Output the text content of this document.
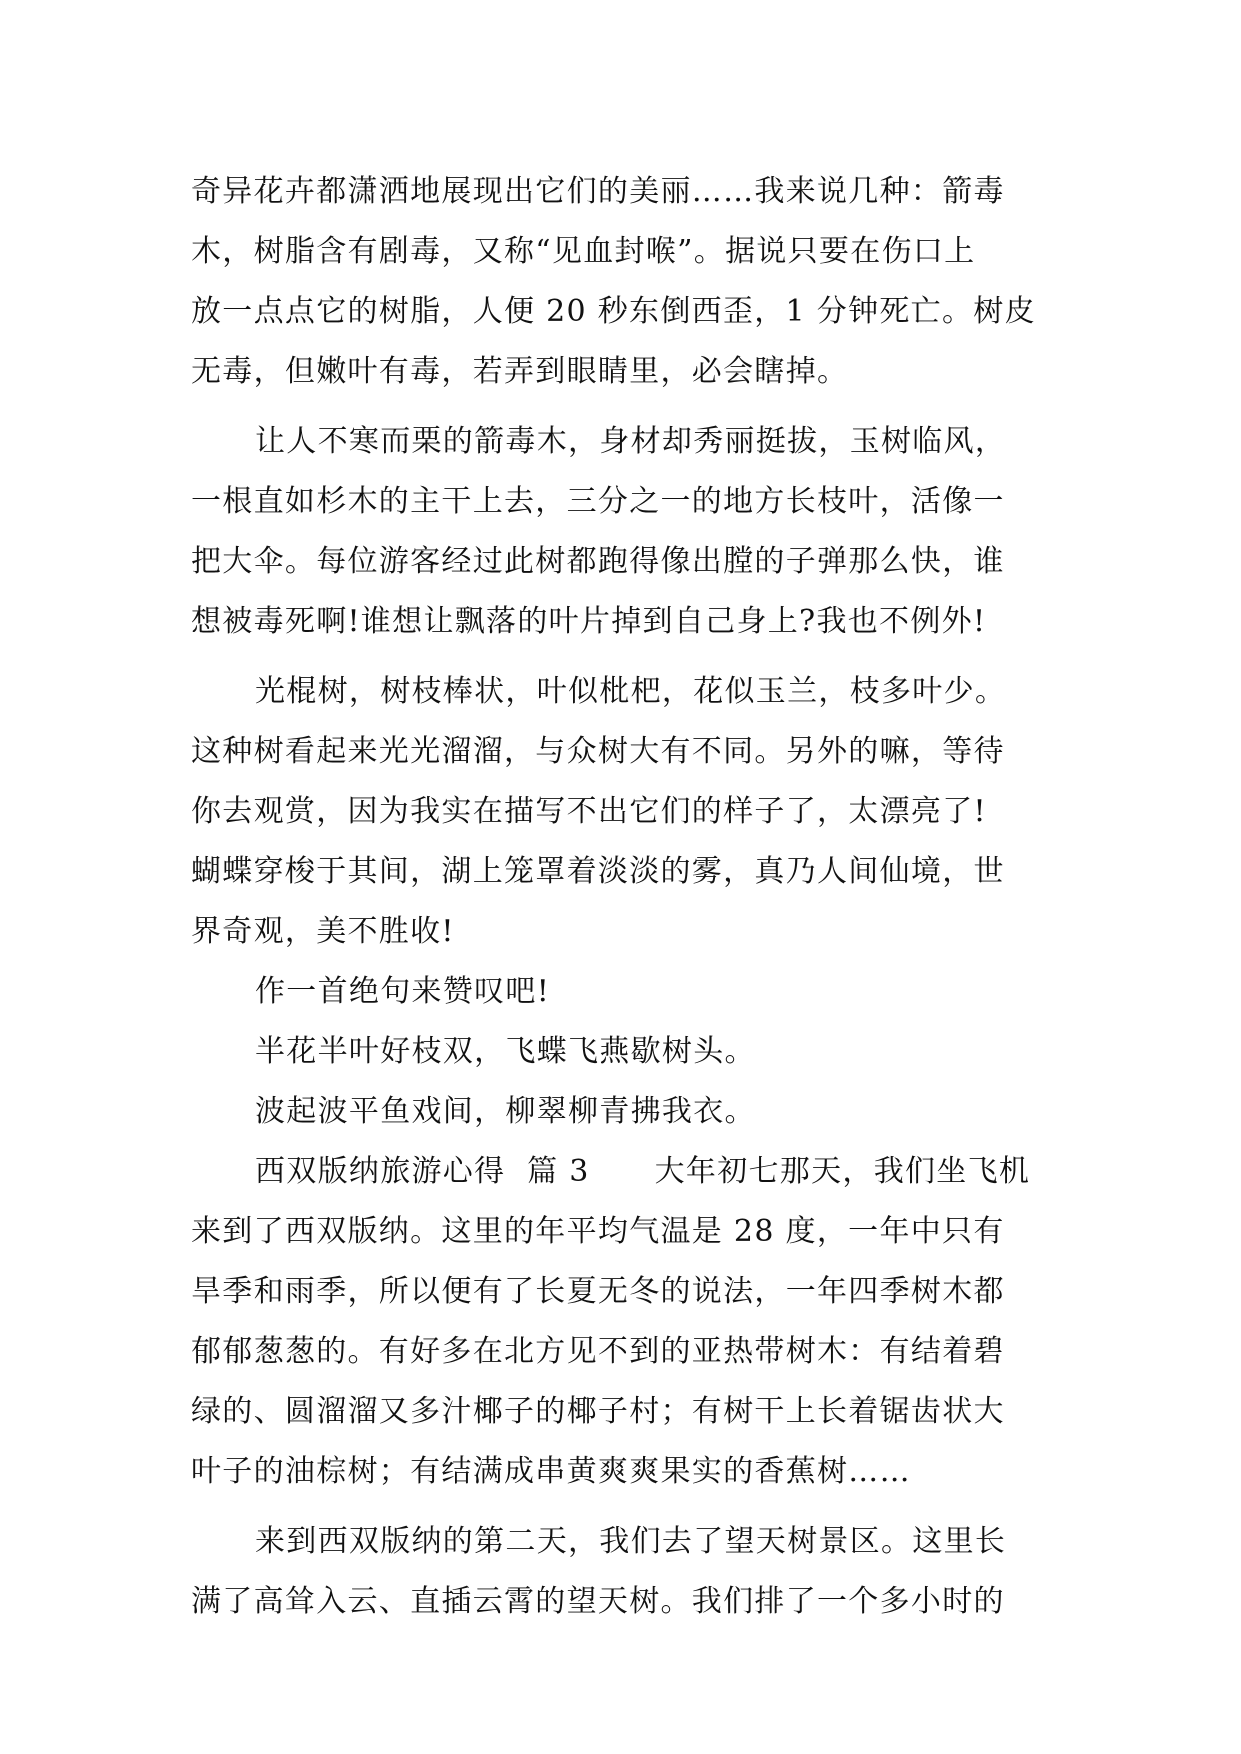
奇异花卉都潇洒地展现出它们的美丽……我来说几种：箭毒
木，树脂含有剧毒，又称“见血封喉”。据说只要在伤口上
放一点点它的树脂，人便 20 秒东倒西歪，1 分钟死亡。树皮
无毒，但嫩叶有毒，若弄到眼睛里，必会瞎掉。
让人不寒而栗的箭毒木，身材却秀丽挺拔，玉树临风，
一根直如杉木的主干上去，三分之一的地方长枝叶，活像一
把大伞。每位游客经过此树都跑得像出膛的子弹那么快，谁
想被毒死啊!谁想让飘落的叶片掉到自己身上?我也不例外!
光棍树，树枝棒状，叶似枇杷，花似玉兰，枝多叶少。
这种树看起来光光溜溜，与众树大有不同。另外的嘛，等待
你去观赏，因为我实在描写不出它们的样子了，太漂亮了!
蝴蝶穿梭于其间，湖上笼罩着淡淡的雾，真乃人间仙境，世
界奇观，美不胜收!
作一首绝句来赞叹吧!
半花半叶好枝双，飞蝶飞燕歇树头。
波起波平鱼戏间，柳翠柳青拂我衣。
西双版纳旅游心得  篇 3      大年初七那天，我们坐飞机
来到了西双版纳。这里的年平均气温是 28 度，一年中只有
旱季和雨季，所以便有了长夏无冬的说法，一年四季树木都
郁郁葱葱的。有好多在北方见不到的亚热带树木：有结着碧
绿的、圆溜溜又多汁椰子的椰子村；有树干上长着锯齿状大
叶子的油棕树；有结满成串黄爽爽果实的香蕉树……
来到西双版纳的第二天，我们去了望天树景区。这里长
满了高耸入云、直插云霄的望天树。我们排了一个多小时的
